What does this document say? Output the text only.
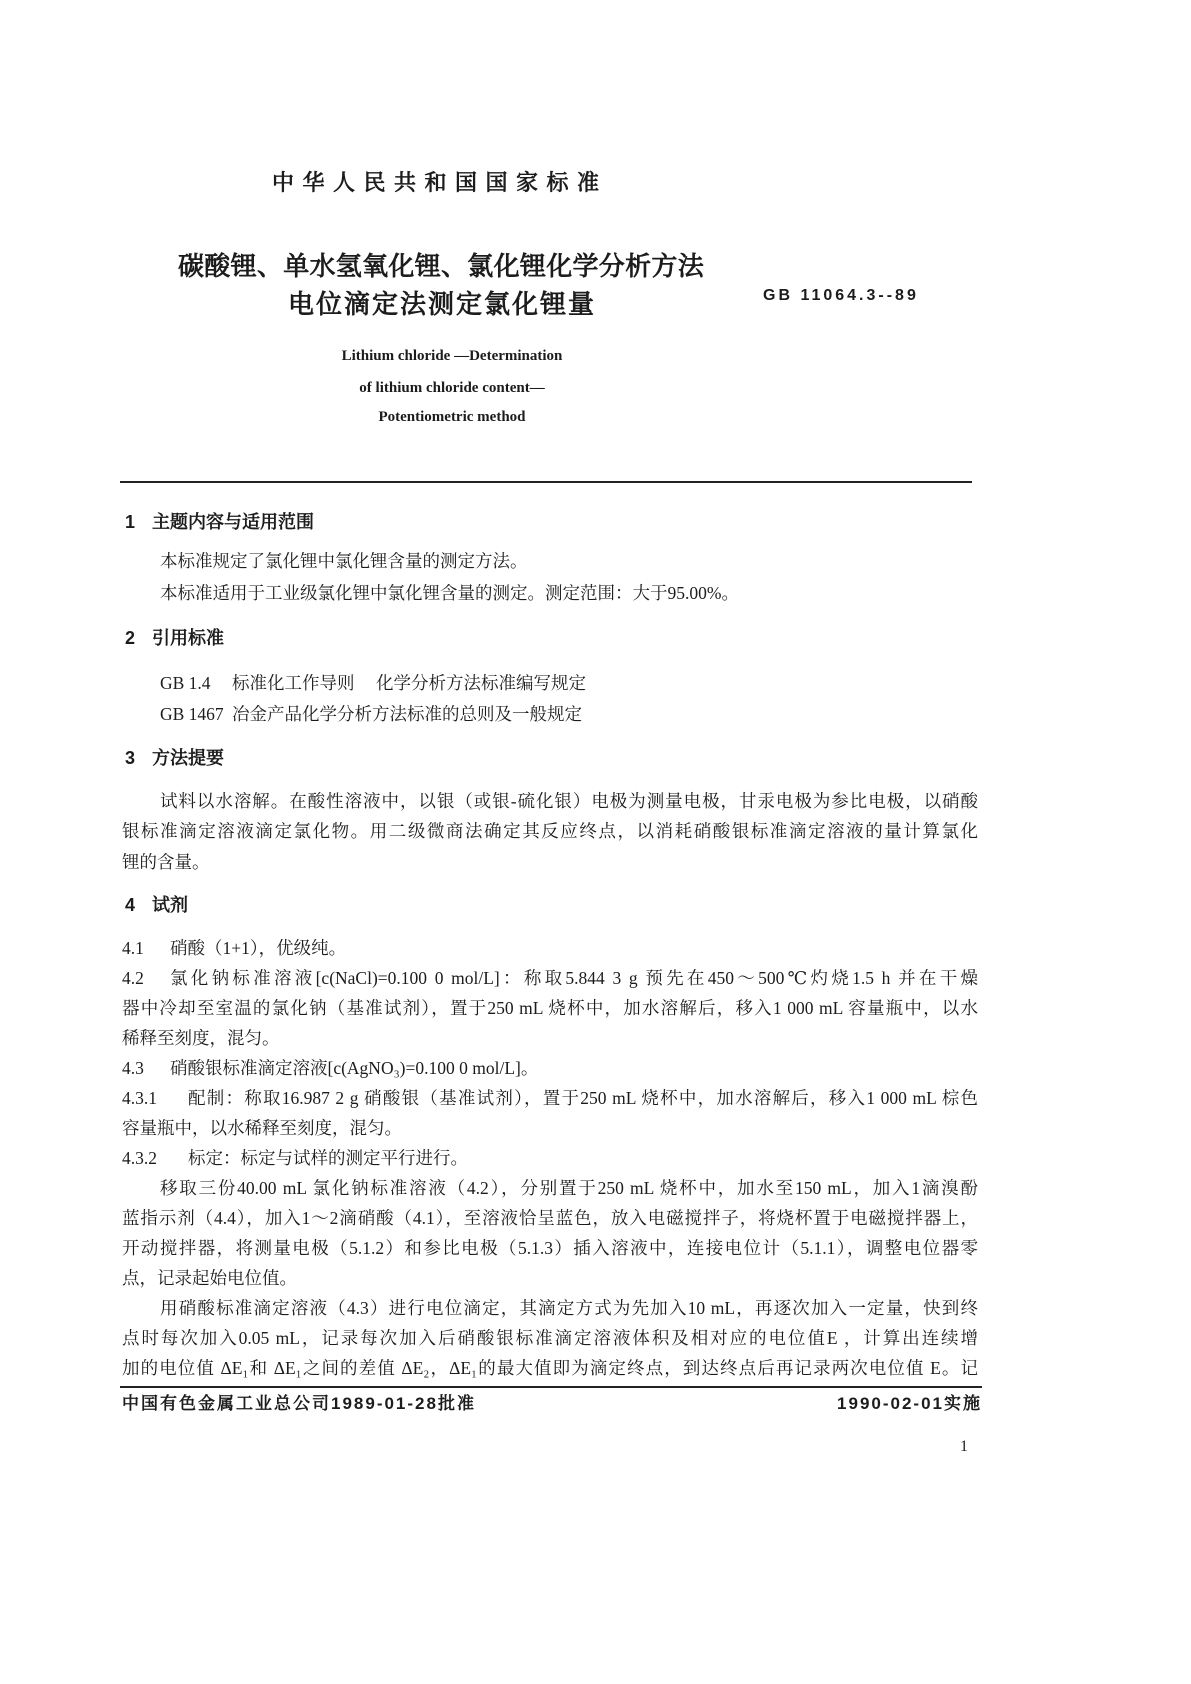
中华人民共和国国家标准
碳酸锂、单水氢氧化锂、氯化锂化学分析方法
电位滴定法测定氯化锂量	GB 11064.3--89
Lithium chloride —Determination
of lithium chloride content—
Potentiometric method
1 主题内容与适用范围
本标准规定了氯化锂中氯化锂含量的测定方法。
本标准适用于工业级氯化锂中氯化锂含量的测定。测定范围：大于95.00%。
2 引用标准
GB 1.4 标准化工作导则 化学分析方法标准编写规定
GB 1467 冶金产品化学分析方法标准的总则及一般规定
3 方法提要
试料以水溶解。在酸性溶液中，以银（或银-硫化银）电极为测量电极，甘汞电极为参比电极，以硝酸
银标准滴定溶液滴定氯化物。用二级微商法确定其反应终点，以消耗硝酸银标准滴定溶液的量计算氯化
锂的含量。
4 试剂
4.1 硝酸（1+1），优级纯。
4.2 氯化钠标准溶液[c(NaCl)=0.100 0 mol/L]：称取5.844 3 g 预先在450～500℃灼烧1.5 h 并在干燥
器中冷却至室温的氯化钠（基准试剂），置于250 mL 烧杯中，加水溶解后，移入1 000 mL 容量瓶中，以水
稀释至刻度，混匀。
4.3 硝酸银标准滴定溶液[c(AgNO₃)=0.100 0 mol/L]。
4.3.1 配制：称取16.987 2 g 硝酸银（基准试剂），置于250 mL 烧杯中，加水溶解后，移入1 000 mL 棕色
容量瓶中，以水稀释至刻度，混匀。
4.3.2 标定：标定与试样的测定平行进行。
移取三份40.00 mL 氯化钠标准溶液（4.2），分别置于250 mL 烧杯中，加水至150 mL，加入1滴溴酚
蓝指示剂（4.4），加入1～2滴硝酸（4.1），至溶液恰呈蓝色，放入电磁搅拌子，将烧杯置于电磁搅拌器上，
开动搅拌器，将测量电极（5.1.2）和参比电极（5.1.3）插入溶液中，连接电位计（5.1.1），调整电位器零
点，记录起始电位值。
用硝酸标准滴定溶液（4.3）进行电位滴定，其滴定方式为先加入10 mL，再逐次加入一定量，快到终
点时每次加入0.05 mL，记录每次加入后硝酸银标准滴定溶液体积及相对应的电位值E ，计算出连续增
加的电位值 ΔE₁和 ΔE₁之间的差值 ΔE₂，ΔE₁的最大值即为滴定终点，到达终点后再记录两次电位值 E。记
中国有色金属工业总公司1989-01-28批准	1990-02-01实施
1
